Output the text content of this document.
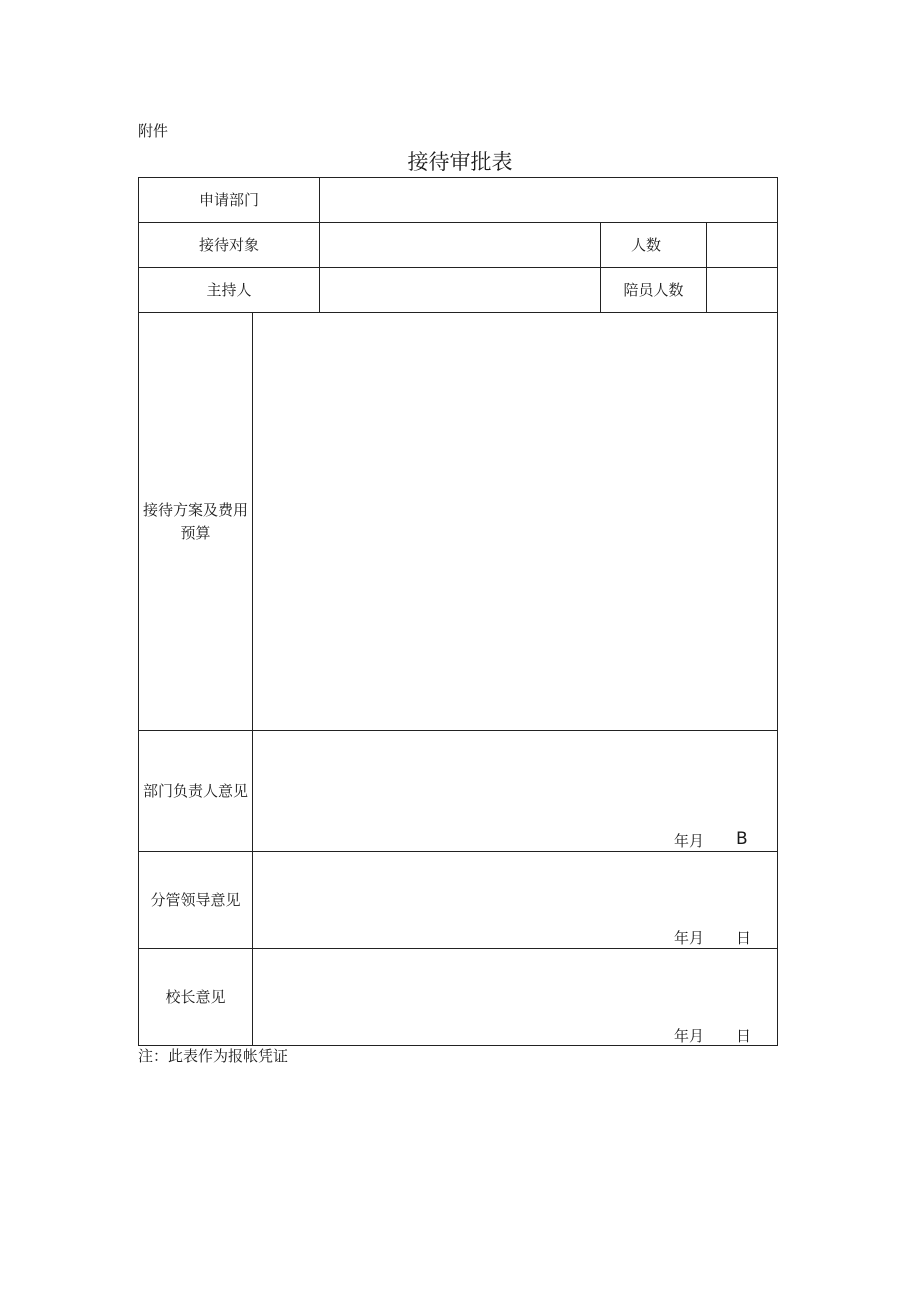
附件
接待审批表
申请部门
接待对象	人数
主持人	陪员人数
接待方案及费用
预算
部门负责人意见
年月 B
分管领导意见
年月 日
校长意见
年月 日
注：此表作为报帐凭证
